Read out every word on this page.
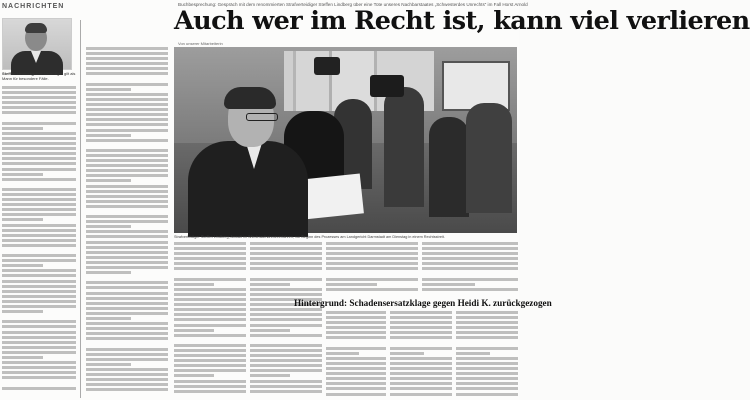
NACHRICHTEN	Buchbesprechung: Gespräch mit dem renommierten Strafverteidiger Steffen Lindberg über eine Tote unseres Nachbarstaates „Schwesterdes Unrechts“ im Fall Horst Arnold
Auch wer im Recht ist, kann viel verlieren
Von unserer Mitarbeiterin
Steffen Lindberg: Der Verteidiger gilt als Mann für besondere Fälle.
Strafverteidiger Steffen Lindberg, Anwalt im Wiederaufnahmeverfahren, vor Beginn des Prozesses am Landgericht Darmstadt am Dienstag in einem Rechtsstreit.
Hintergrund: Schadensersatzklage gegen Heidi K. zurückgezogen
